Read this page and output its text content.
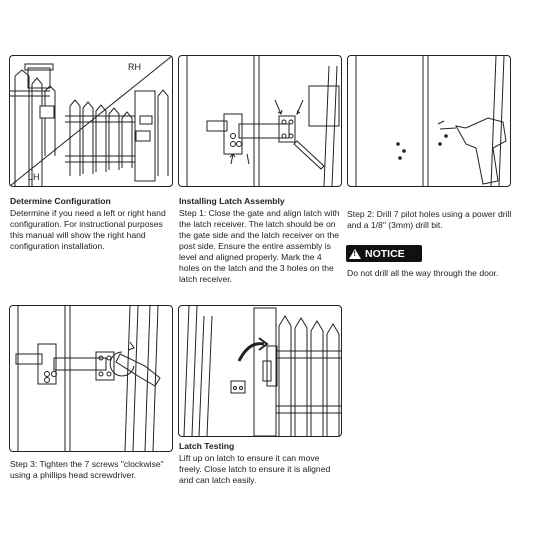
RH
LH
Determine Configuration

Determine if you need a left or right hand configuration. For instructional purposes this manual will show the right hand configuration installation.

Installing Latch Assembly

Step 1: Close the gate and align latch with the latch receiver. The latch should be on the gate side and the latch receiver on the post side. Ensure the entire assembly is level and aligned properly. Mark the 4 holes on the latch and the 3 holes on the latch receiver.

Step 2: Drill 7 pilot holes using a power drill and a 1/8" (3mm) drill bit.

! NOTICE

Do not drill all the way through the door.

Step 3: Tighten the 7 screws "clockwise" using a phillips head screwdriver.

Latch Testing

Lift up on latch to ensure it can move freely. Close latch to ensure it is aligned and can latch easily.
